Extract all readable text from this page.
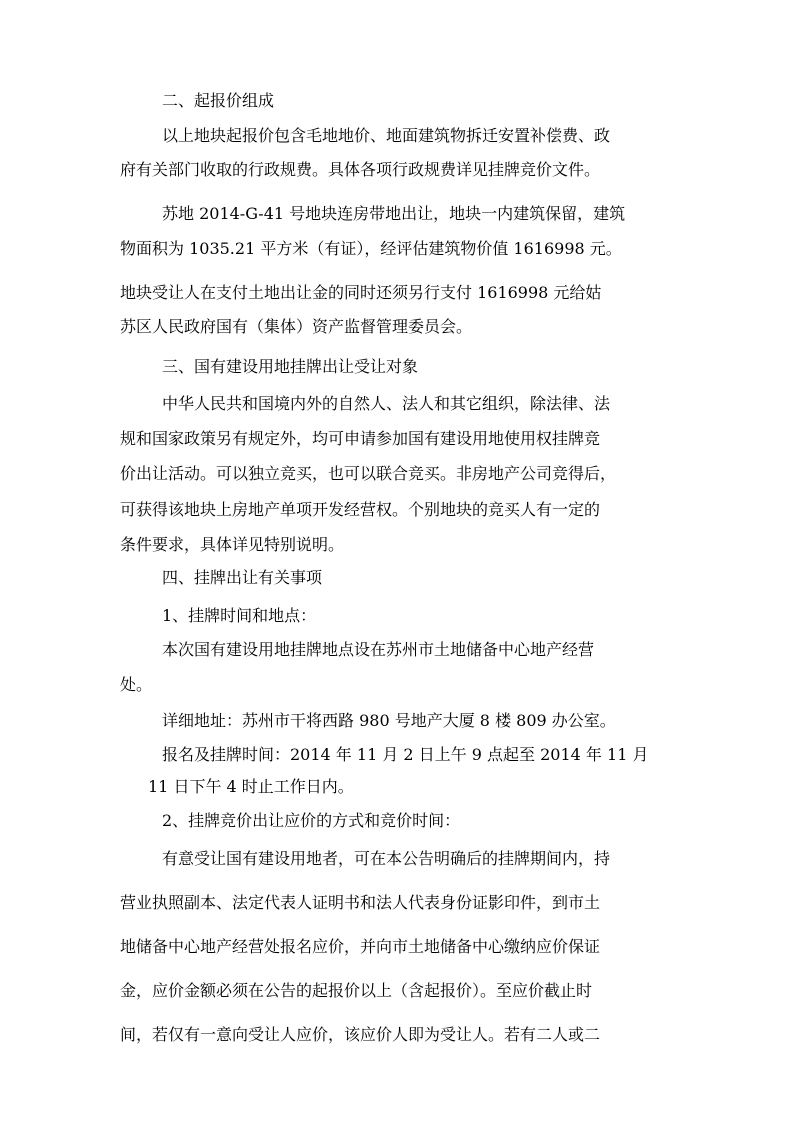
二、起报价组成

以上地块起报价包含毛地地价、地面建筑物拆迁安置补偿费、政

府有关部门收取的行政规费。具体各项行政规费详见挂牌竞价文件。

苏地 2014-G-41 号地块连房带地出让，地块一内建筑保留，建筑

物面积为 1035.21 平方米（有证），经评估建筑物价值 1616998 元。

地块受让人在支付土地出让金的同时还须另行支付 1616998 元给姑

苏区人民政府国有（集体）资产监督管理委员会。

三、国有建设用地挂牌出让受让对象

中华人民共和国境内外的自然人、法人和其它组织，除法律、法

规和国家政策另有规定外，均可申请参加国有建设用地使用权挂牌竞

价出让活动。可以独立竞买，也可以联合竞买。非房地产公司竞得后，

可获得该地块上房地产单项开发经营权。个别地块的竞买人有一定的

条件要求，具体详见特别说明。

四、挂牌出让有关事项

1、挂牌时间和地点：

本次国有建设用地挂牌地点设在苏州市土地储备中心地产经营

处。

详细地址：苏州市干将西路 980 号地产大厦 8 楼 809 办公室。

报名及挂牌时间：2014 年 11 月 2 日上午 9 点起至 2014 年 11 月

11 日下午 4 时止工作日内。

2、挂牌竞价出让应价的方式和竞价时间：

有意受让国有建设用地者，可在本公告明确后的挂牌期间内，持

营业执照副本、法定代表人证明书和法人代表身份证影印件，到市土

地储备中心地产经营处报名应价，并向市土地储备中心缴纳应价保证

金，应价金额必须在公告的起报价以上（含起报价）。至应价截止时

间，若仅有一意向受让人应价，该应价人即为受让人。若有二人或二
